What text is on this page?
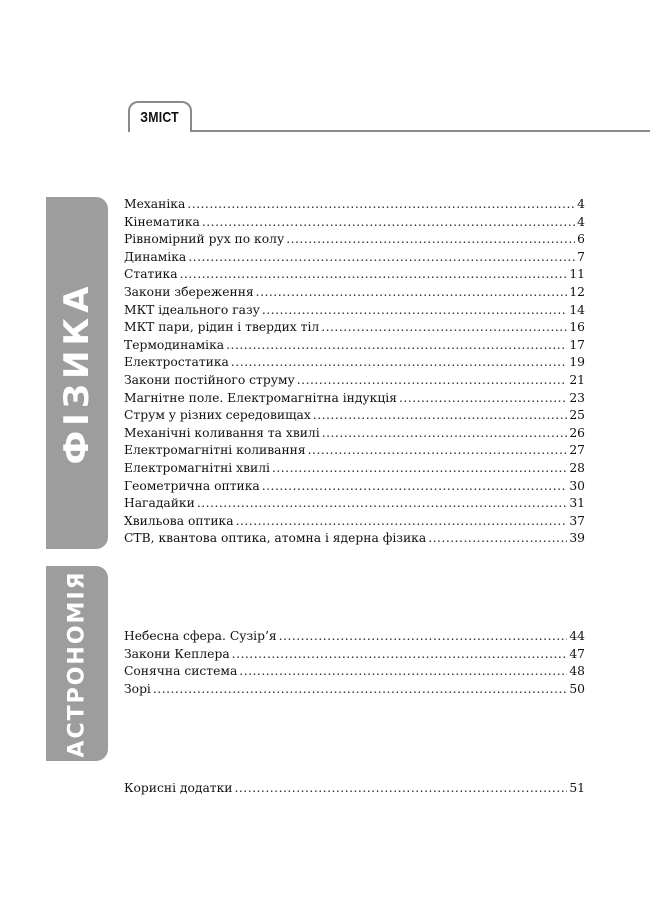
ЗМІСТ
ФІЗИКА
АСТРОНОМІЯ
Механіка .....	4
Кінематика .....	4
Рівномірний рух по колу .....	6
Динаміка .....	7
Статика .....	11
Закони збереження .....	12
МКТ ідеального газу .....	14
МКТ пари, рідин і твердих тіл .....	16
Термодинаміка .....	17
Електростатика .....	19
Закони постійного струму .....	21
Магнітне поле. Електромагнітна індукція .....	23
Струм у різних середовищах .....	25
Механічні коливання та хвилі .....	26
Електромагнітні коливання .....	27
Електромагнітні хвилі .....	28
Геометрична оптика .....	30
Нагадайки .....	31
Хвильова оптика .....	37
СТВ, квантова оптика, атомна і ядерна фізика .....	39
Небесна сфера. Сузір’я .....	44
Закони Кеплера .....	47
Сонячна система .....	48
Зорі .....	50
Корисні додатки .....	51
